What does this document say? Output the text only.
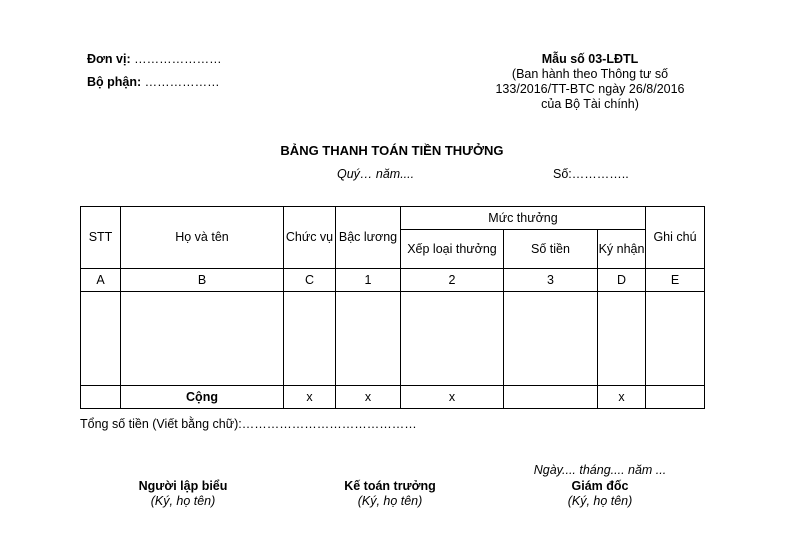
Đơn vị: …………………
Bộ phận: ………………
Mẫu số 03-LĐTL
(Ban hành theo Thông tư số
133/2016/TT-BTC ngày 26/8/2016
của Bộ Tài chính)
BẢNG THANH TOÁN TIỀN THƯỞNG
Quý… năm....	Số:…………..
STT	Họ và tên	Chức vụ	Bậc lương	Mức thưởng			Ghi chú
				Xếp loại thưởng	Số tiền	Ký nhận	
A	B	C	1	2	3	D	E

	Cộng	x	x	x		x	
Tổng số tiền (Viết bằng chữ):……………………………………
Ngày.... tháng.... năm ...
Người lập biểu
(Ký, họ tên)
Kế toán trưởng
(Ký, họ tên)
Giám đốc
(Ký, họ tên)
